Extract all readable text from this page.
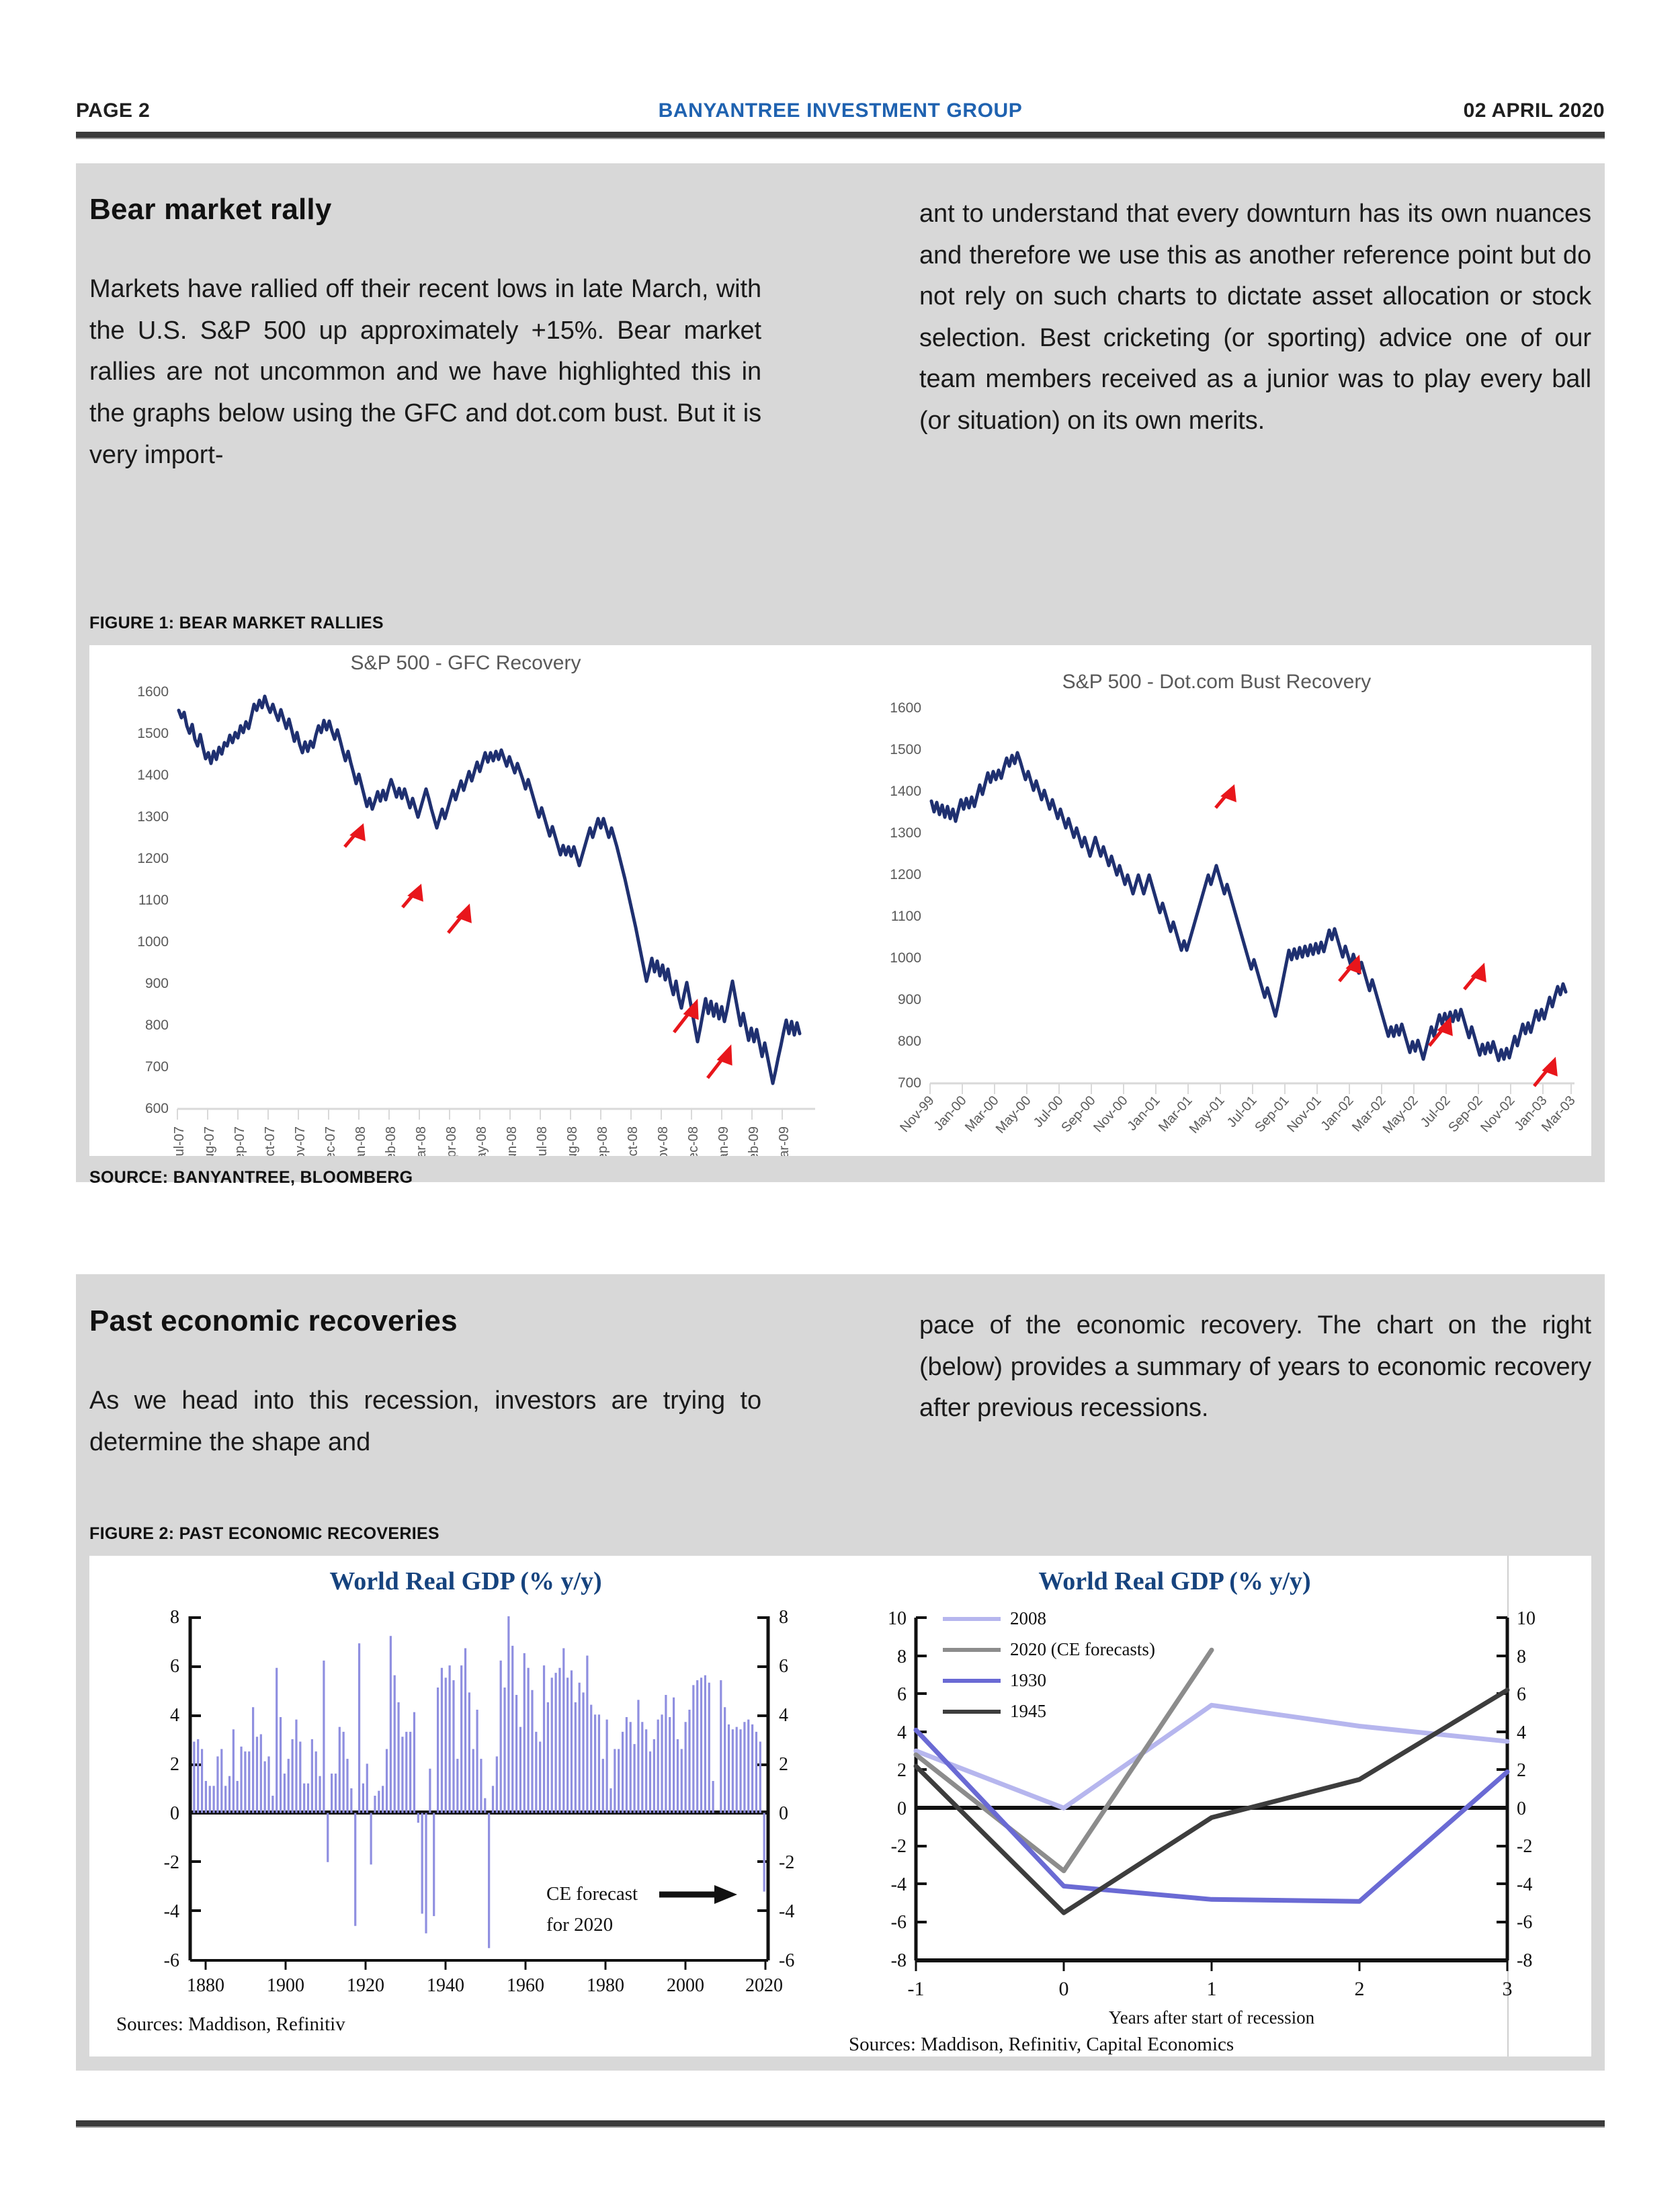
PAGE 2	BANYANTREE INVESTMENT GROUP	02 APRIL 2020
Bear market rally

Markets have rallied off their recent lows in late March, with the U.S. S&P 500 up approximately +15%. Bear market rallies are not uncommon and we have highlighted this in the graphs below using the GFC and dot.com bust. But it is very import-

ant to understand that every downturn has its own nuances and therefore we use this as another reference point but do not rely on such charts to dictate asset allocation or stock selection. Best cricketing (or sporting) advice one of our team members received as a junior was to play every ball (or situation) on its own merits.

FIGURE 1: BEAR MARKET RALLIES
S&P 500 - GFC Recovery
1600
1500
1400
1300
1200
1100
1000
900
800
700
600
Jul-07 Aug-07 Sep-07 Oct-07 Nov-07 Dec-07 Jan-08 Feb-08 Mar-08 Apr-08 May-08 Jun-08 Jul-08 Aug-08 Sep-08 Oct-08 Nov-08 Dec-08 Jan-09 Feb-09 Mar-09
S&P 500 - Dot.com Bust Recovery
1600
1500
1400
1300
1200
1100
1000
900
800
700
Nov-99
Jan-00
Mar-00
May-00
Jul-00
Sep-00
Nov-00
Jan-01
Mar-01
May-01
Jul-01
Sep-01
Nov-01
Jan-02
Mar-02
May-02
Jul-02
Sep-02
Nov-02
Jan-03
Mar-03
SOURCE: BANYANTREE, BLOOMBERG
Past economic recoveries

As we head into this recession, investors are trying to determine the shape and

pace of the economic recovery. The chart on the right (below) provides a summary of years to economic recovery after previous recessions.

FIGURE 2: PAST ECONOMIC RECOVERIES
World Real GDP (% y/y)
8
6
4
2
0
-2
-4
-6
8
6
4
2
0
-2
-4
-6
1880 1900 1920 1940 1960 1980 2000 2020
CE forecast
for 2020
Sources: Maddison, Refinitiv
World Real GDP (% y/y)
10
8
6
4
2
0
-2
-4
-6
-8
10
8
6
4
2
0
-2
-4
-6
-8
-1	0	1	2	3
Years after start of recession
Sources: Maddison, Refinitiv, Capital Economics
2008
2020 (CE forecasts)
1930
1945
